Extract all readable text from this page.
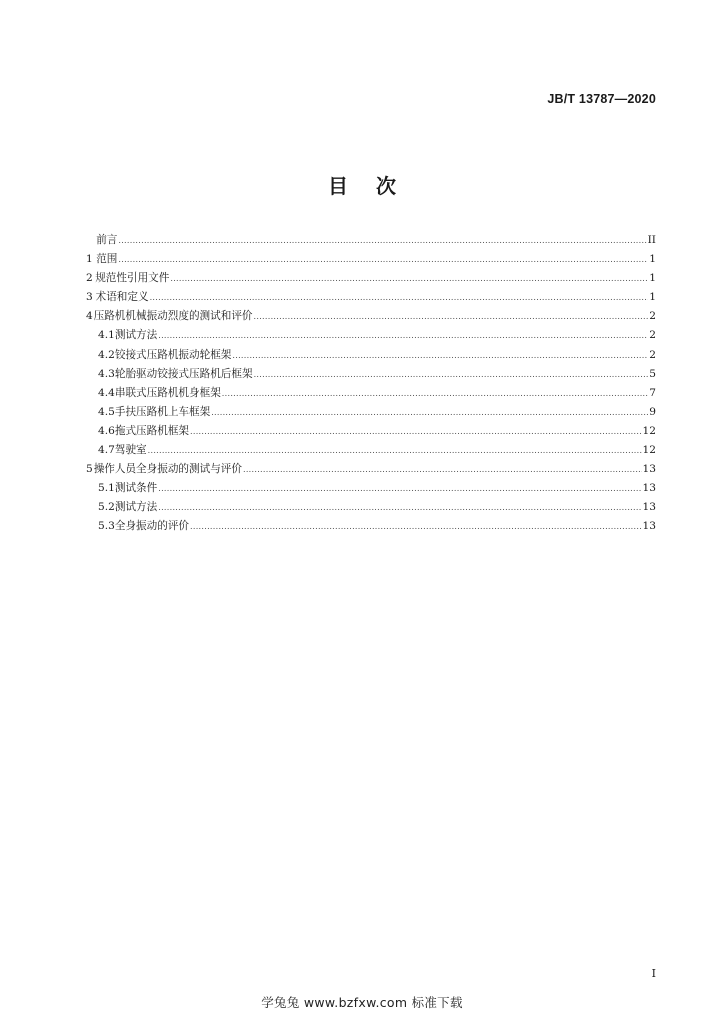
JB/T 13787—2020
目次
前言 .....	II
1 范围 .....	1
2 规范性引用文件 .....	1
3 术语和定义 .....	1
4 压路机机械振动烈度的测试和评价 .....	2
4.1 测试方法 .....	2
4.2 铰接式压路机振动轮框架 .....	2
4.3 轮胎驱动铰接式压路机后框架 .....	5
4.4 串联式压路机机身框架 .....	7
4.5 手扶压路机上车框架 .....	9
4.6 拖式压路机框架 .....	12
4.7 驾驶室 .....	12
5 操作人员全身振动的测试与评价 .....	13
5.1 测试条件 .....	13
5.2 测试方法 .....	13
5.3 全身振动的评价 .....	13
I
学兔兔 www.bzfxw.com 标准下载
